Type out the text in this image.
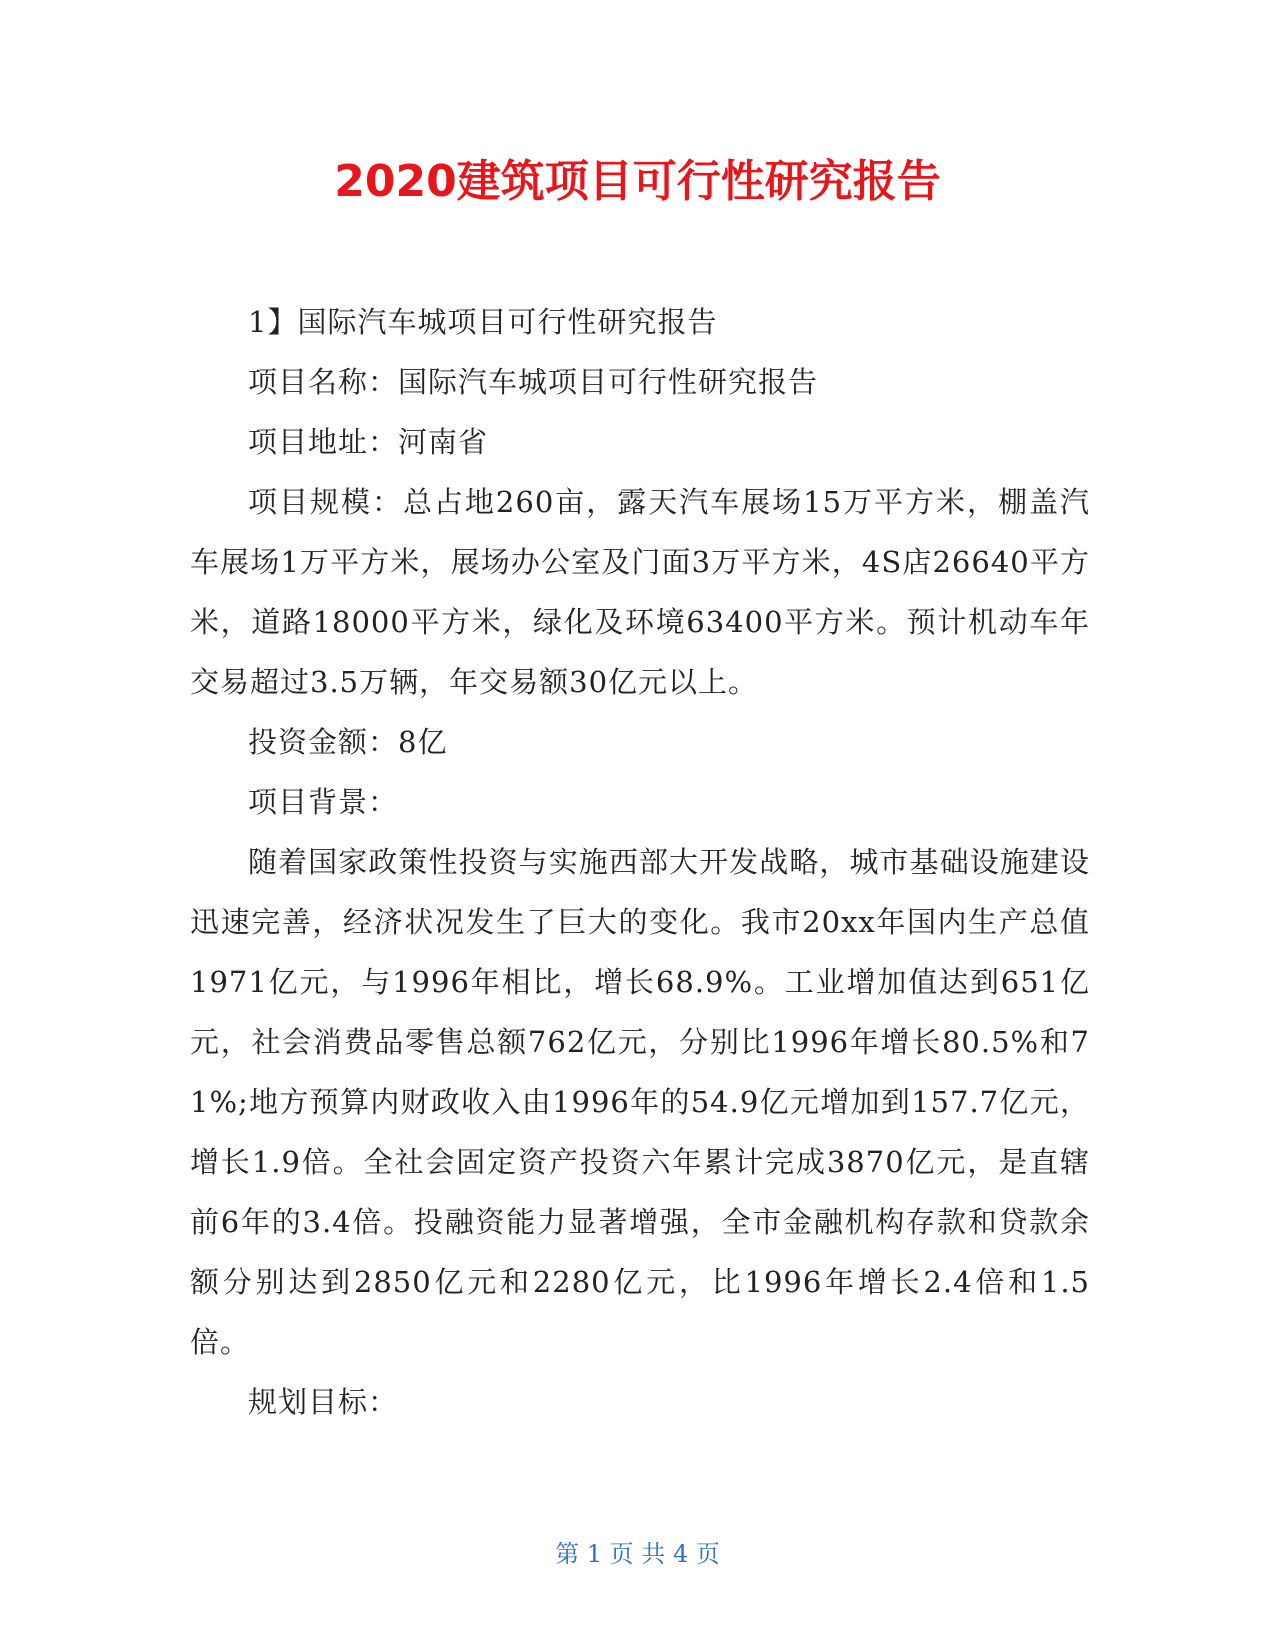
2020建筑项目可行性研究报告

1】国际汽车城项目可行性研究报告

项目名称：国际汽车城项目可行性研究报告

项目地址：河南省

项目规模：总占地260亩，露天汽车展场15万平方米，棚盖汽车展场1万平方米，展场办公室及门面3万平方米，4S店26640平方米，道路18000平方米，绿化及环境63400平方米。预计机动车年交易超过3.5万辆，年交易额30亿元以上。

投资金额：8亿

项目背景：

随着国家政策性投资与实施西部大开发战略，城市基础设施建设迅速完善，经济状况发生了巨大的变化。我市20xx年国内生产总值1971亿元，与1996年相比，增长68.9%。工业增加值达到651亿元，社会消费品零售总额762亿元，分别比1996年增长80.5%和71%;地方预算内财政收入由1996年的54.9亿元增加到157.7亿元，增长1.9倍。全社会固定资产投资六年累计完成3870亿元，是直辖前6年的3.4倍。投融资能力显著增强，全市金融机构存款和贷款余额分别达到2850亿元和2280亿元，比1996年增长2.4倍和1.5倍。

规划目标：

第 1 页 共 4 页
